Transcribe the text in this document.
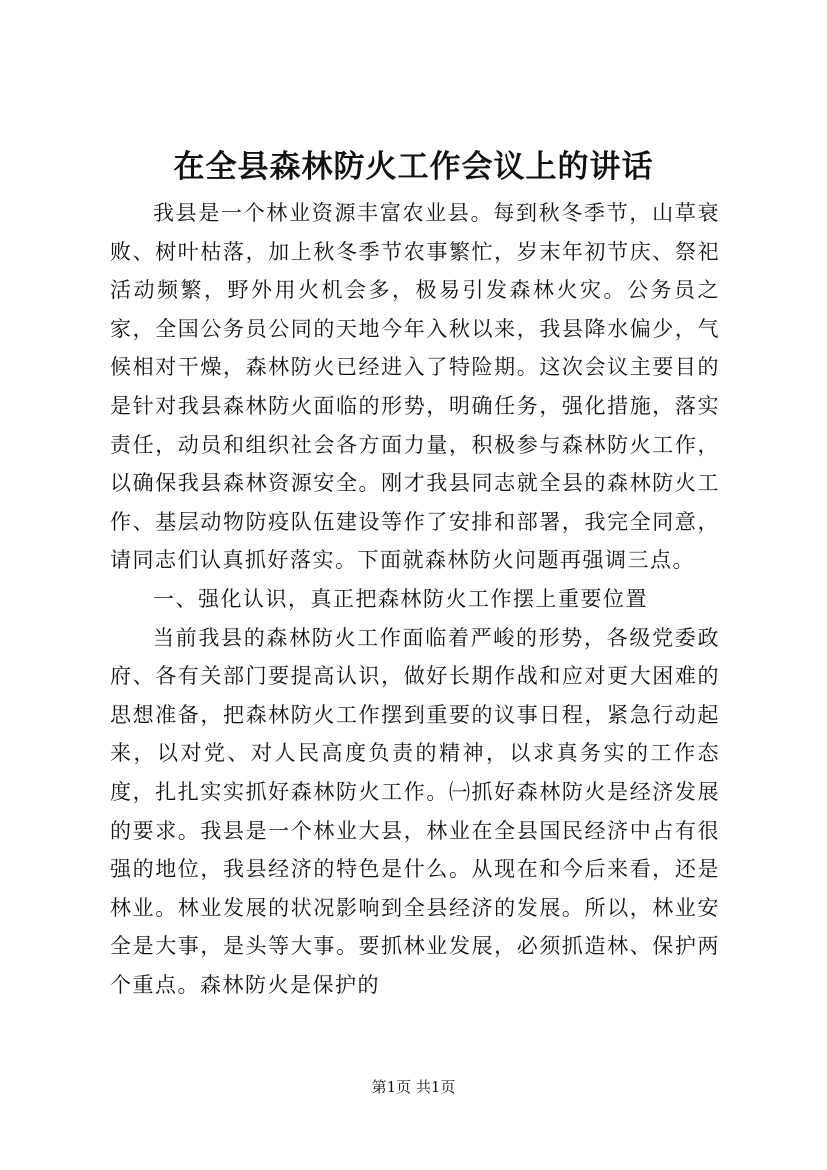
在全县森林防火工作会议上的讲话

我县是一个林业资源丰富农业县。每到秋冬季节，山草衰败、树叶枯落，加上秋冬季节农事繁忙，岁末年初节庆、祭祀活动频繁，野外用火机会多，极易引发森林火灾。公务员之家，全国公务员公同的天地今年入秋以来，我县降水偏少，气候相对干燥，森林防火已经进入了特险期。这次会议主要目的是针对我县森林防火面临的形势，明确任务，强化措施，落实责任，动员和组织社会各方面力量，积极参与森林防火工作，以确保我县森林资源安全。刚才我县同志就全县的森林防火工作、基层动物防疫队伍建设等作了安排和部署，我完全同意，请同志们认真抓好落实。下面就森林防火问题再强调三点。

一、强化认识，真正把森林防火工作摆上重要位置

当前我县的森林防火工作面临着严峻的形势，各级党委政府、各有关部门要提高认识，做好长期作战和应对更大困难的思想准备，把森林防火工作摆到重要的议事日程，紧急行动起来，以对党、对人民高度负责的精神，以求真务实的工作态度，扎扎实实抓好森林防火工作。㈠抓好森林防火是经济发展的要求。我县是一个林业大县，林业在全县国民经济中占有很强的地位，我县经济的特色是什么。从现在和今后来看，还是林业。林业发展的状况影响到全县经济的发展。所以，林业安全是大事，是头等大事。要抓林业发展，必须抓造林、保护两个重点。森林防火是保护的

第1页 共1页
